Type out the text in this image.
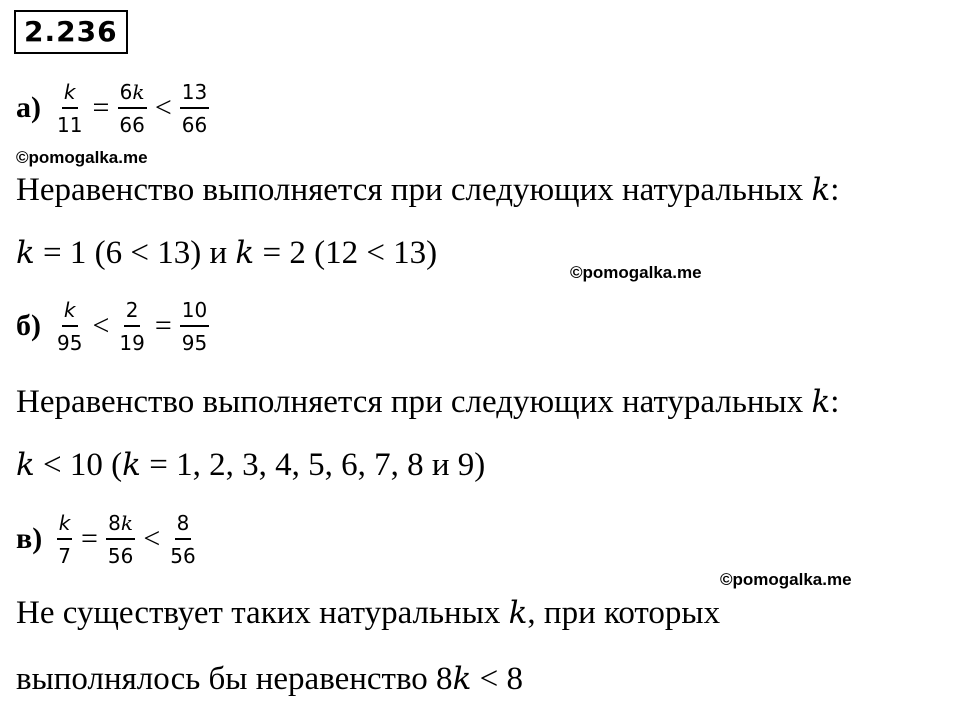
2.236
$а) \frac{k}{11} = \frac{6k}{66} < \frac{13}{66}$
©pomogalka.me
Неравенство выполняется при следующих натуральных k:
k = 1 (6 < 13) и k = 2 (12 < 13)
©pomogalka.me
$б) \frac{k}{95} < \frac{2}{19} = \frac{10}{95}$
Неравенство выполняется при следующих натуральных k:
k < 10 (k = 1, 2, 3, 4, 5, 6, 7, 8 и 9)
$в) \frac{k}{7} = \frac{8k}{56} < \frac{8}{56}$
©pomogalka.me
Не существует таких натуральных k, при которых
выполнялось бы неравенство 8k < 8
